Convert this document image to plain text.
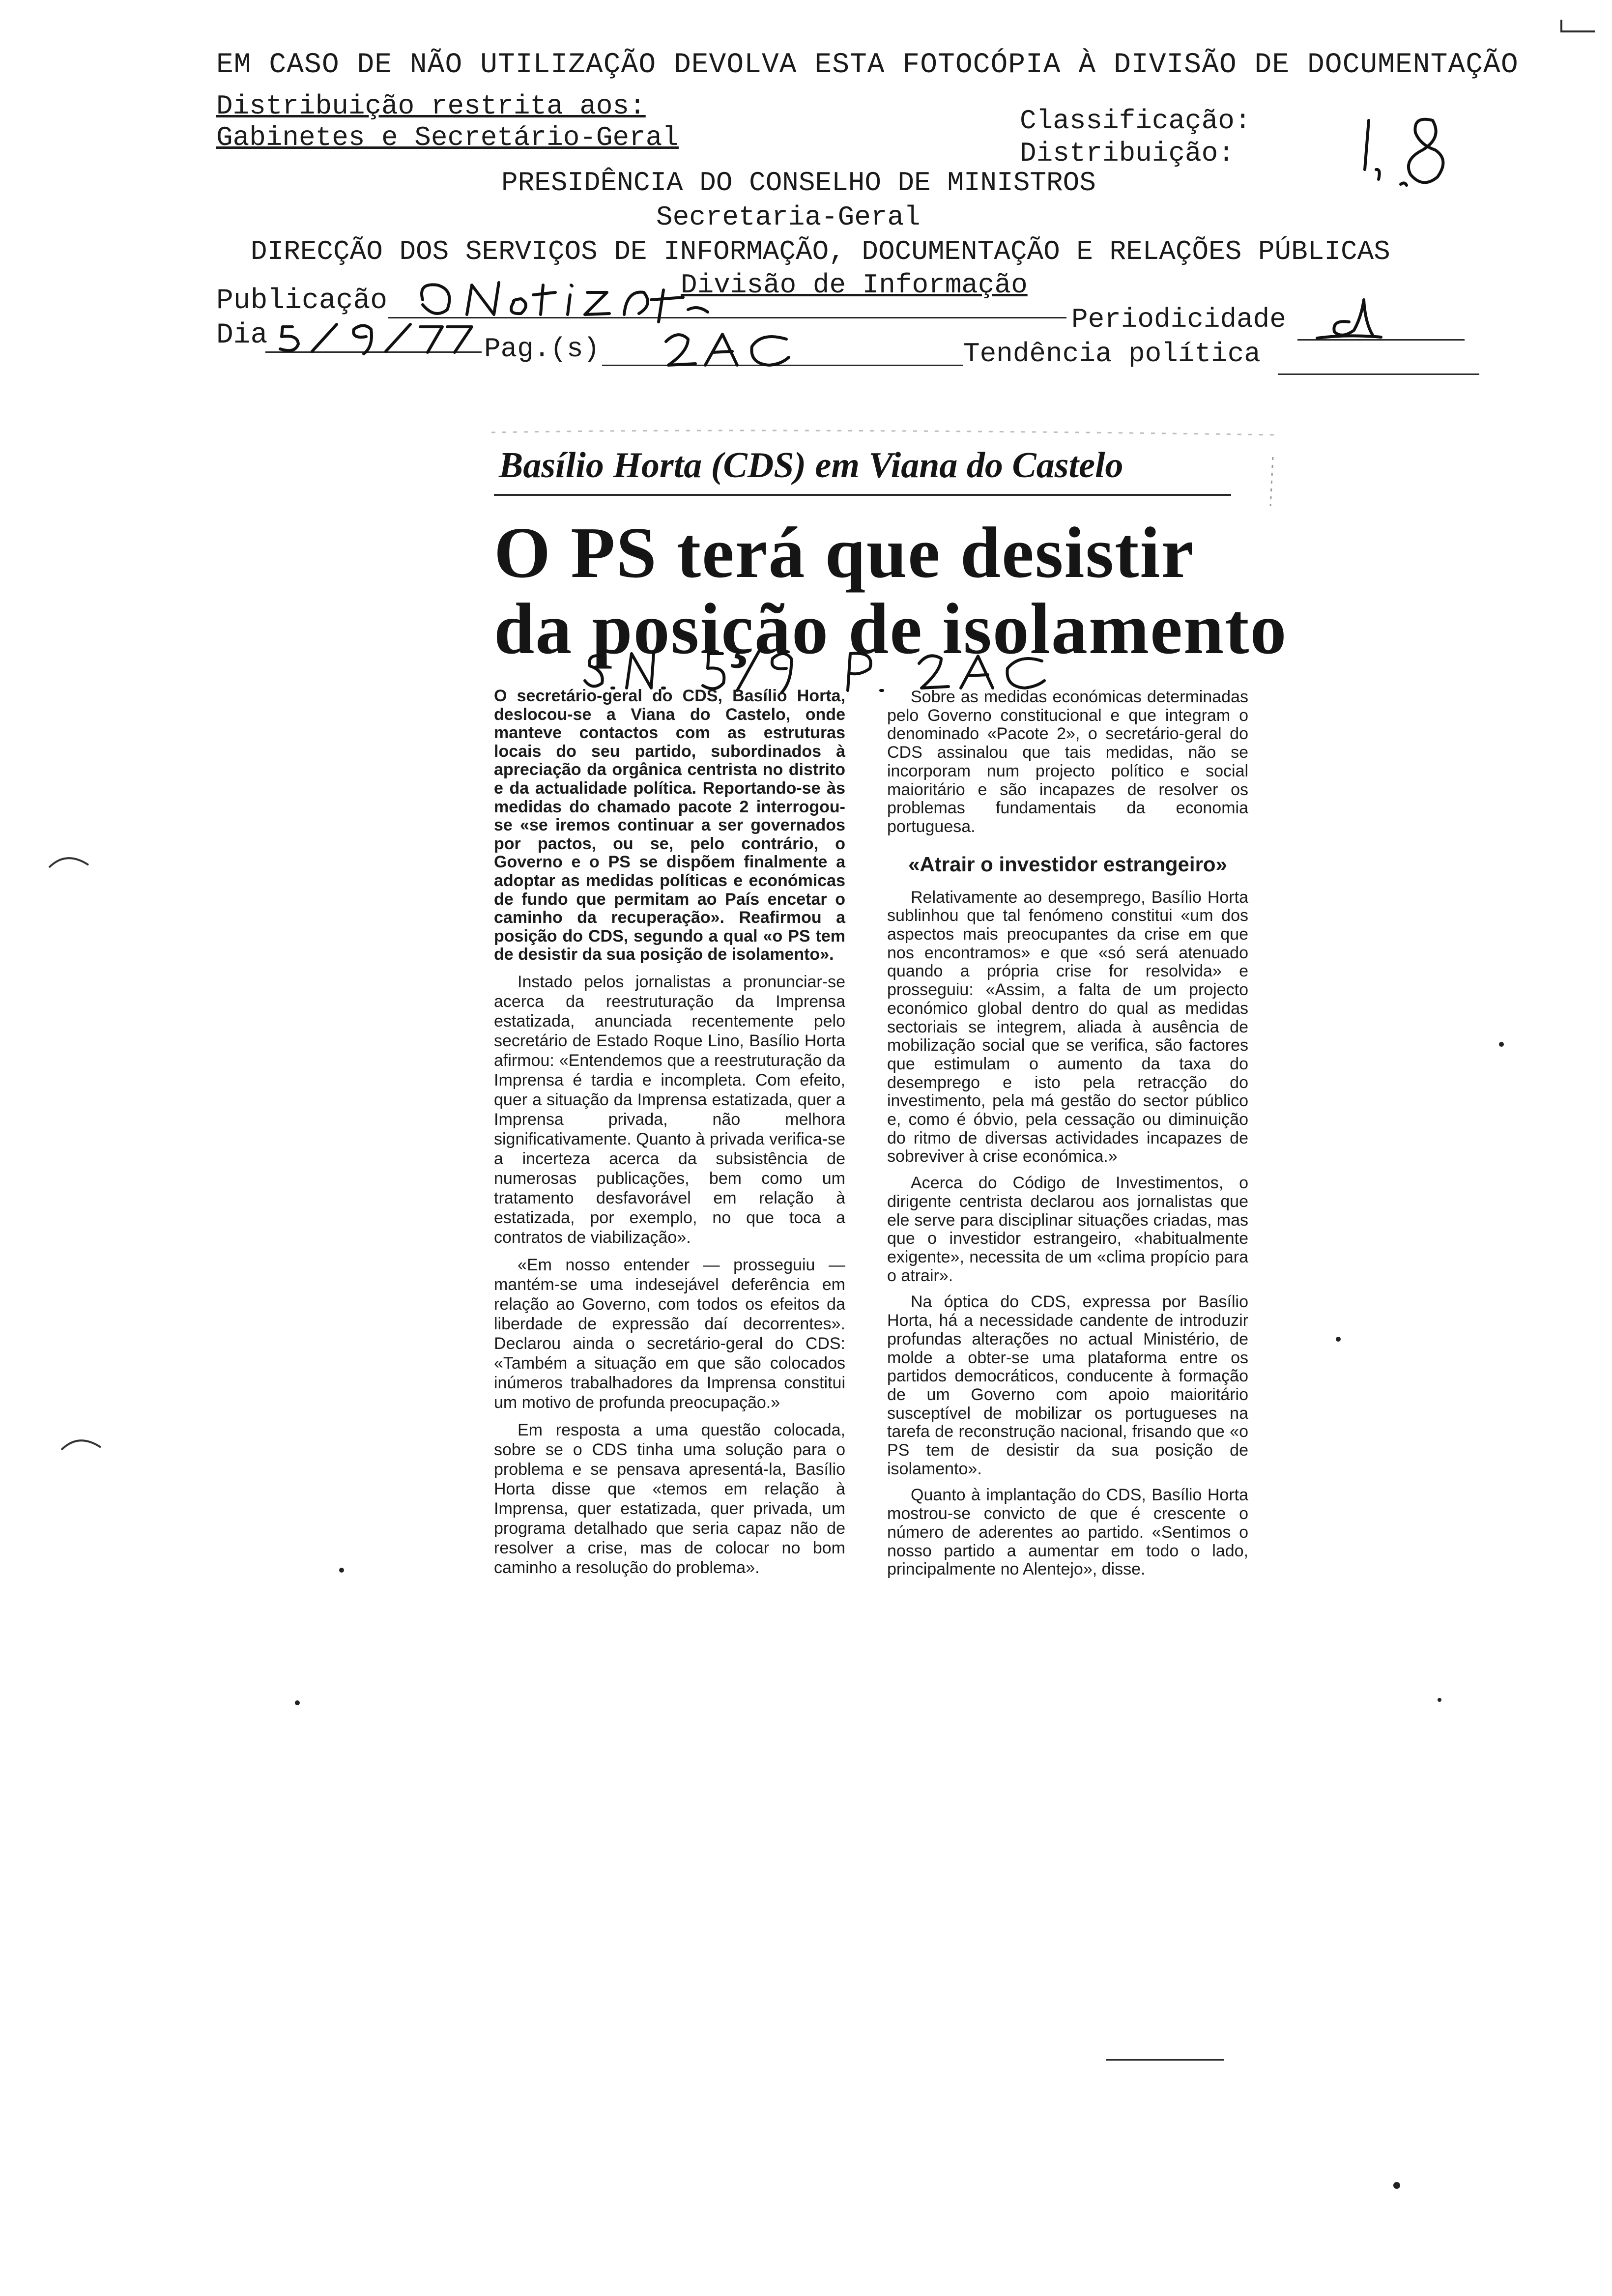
EM CASO DE NÃO UTILIZAÇÃO DEVOLVA ESTA FOTOCÓPIA À DIVISÃO DE DOCUMENTAÇÃO
Distribuição restrita aos:
Gabinetes e Secretário-Geral
Classificação:
Distribuição:
PRESIDÊNCIA DO CONSELHO DE MINISTROS
Secretaria-Geral
DIRECÇÃO DOS SERVIÇOS DE INFORMAÇÃO, DOCUMENTAÇÃO E RELAÇÕES PÚBLICAS
Divisão de Informação
Publicação
Dia	Pag.(s)
Periodicidade
Tendência política
Basílio Horta (CDS) em Viana do Castelo
O PS terá que desistir
da posição de isolamento

O secretário-geral do CDS, Basílio Horta, deslocou-se a Viana do Castelo, onde manteve contactos com as estruturas locais do seu partido, subordinados à apreciação da orgânica centrista no distrito e da actualidade política. Reportando-se às medidas do chamado pacote 2 interrogou-se «se iremos continuar a ser governados por pactos, ou se, pelo contrário, o Governo e o PS se dispõem finalmente a adoptar as medidas políticas e económicas de fundo que permitam ao País encetar o caminho da recuperação». Reafirmou a posição do CDS, segundo a qual «o PS tem de desistir da sua posição de isolamento».

Instado pelos jornalistas a pronunciar-se acerca da reestruturação da Imprensa estatizada, anunciada recentemente pelo secretário de Estado Roque Lino, Basílio Horta afirmou: «Entendemos que a reestruturação da Imprensa é tardia e incompleta. Com efeito, quer a situação da Imprensa estatizada, quer a Imprensa privada, não melhora significativamente. Quanto à privada verifica-se a incerteza acerca da subsistência de numerosas publicações, bem como um tratamento desfavorável em relação à estatizada, por exemplo, no que toca a contratos de viabilização».

«Em nosso entender — prosseguiu — mantém-se uma indesejável deferência em relação ao Governo, com todos os efeitos da liberdade de expressão daí decorrentes». Declarou ainda o secretário-geral do CDS: «Também a situação em que são colocados inúmeros trabalhadores da Imprensa constitui um motivo de profunda preocupação.»

Em resposta a uma questão colocada, sobre se o CDS tinha uma solução para o problema e se pensava apresentá-la, Basílio Horta disse que «temos em relação à Imprensa, quer estatizada, quer privada, um programa detalhado que seria capaz não de resolver a crise, mas de colocar no bom caminho a resolução do problema».

Sobre as medidas económicas determinadas pelo Governo constitucional e que integram o denominado «Pacote 2», o secretário-geral do CDS assinalou que tais medidas, não se incorporam num projecto político e social maioritário e são incapazes de resolver os problemas fundamentais da economia portuguesa.

«Atrair o investidor estrangeiro»

Relativamente ao desemprego, Basílio Horta sublinhou que tal fenómeno constitui «um dos aspectos mais preocupantes da crise em que nos encontramos» e que «só será atenuado quando a própria crise for resolvida» e prosseguiu: «Assim, a falta de um projecto económico global dentro do qual as medidas sectoriais se integrem, aliada à ausência de mobilização social que se verifica, são factores que estimulam o aumento da taxa do desemprego e isto pela retracção do investimento, pela má gestão do sector público e, como é óbvio, pela cessação ou diminuição do ritmo de diversas actividades incapazes de sobreviver à crise económica.»

Acerca do Código de Investimentos, o dirigente centrista declarou aos jornalistas que ele serve para disciplinar situações criadas, mas que o investidor estrangeiro, «habitualmente exigente», necessita de um «clima propício para o atrair».

Na óptica do CDS, expressa por Basílio Horta, há a necessidade candente de introduzir profundas alterações no actual Ministério, de molde a obter-se uma plataforma entre os partidos democráticos, conducente à formação de um Governo com apoio maioritário susceptível de mobilizar os portugueses na tarefa de reconstrução nacional, frisando que «o PS tem de desistir da sua posição de isolamento».

Quanto à implantação do CDS, Basílio Horta mostrou-se convicto de que é crescente o número de aderentes ao partido. «Sentimos o nosso partido a aumentar em todo o lado, principalmente no Alentejo», disse.
